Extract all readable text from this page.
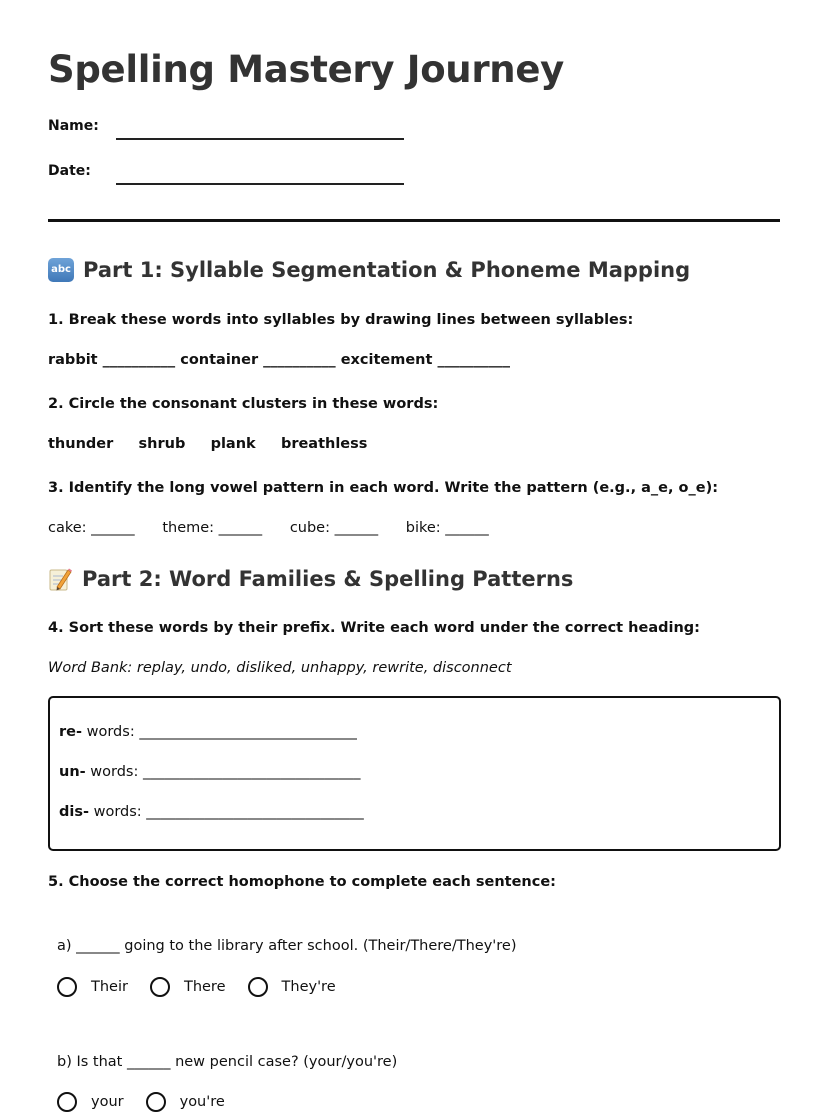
Spelling Mastery Journey
Name:
Date:
abc Part 1: Syllable Segmentation & Phoneme Mapping
1. Break these words into syllables by drawing lines between syllables:
rabbit __________ container __________ excitement __________
2. Circle the consonant clusters in these words:
thunder shrub plank breathless
3. Identify the long vowel pattern in each word. Write the pattern (e.g., a_e, o_e):
cake: ______ theme: ______ cube: ______ bike: ______
Part 2: Word Families & Spelling Patterns
4. Sort these words by their prefix. Write each word under the correct heading:
Word Bank: replay, undo, disliked, unhappy, rewrite, disconnect
re- words: ______________________________
un- words: ______________________________
dis- words: ______________________________
5. Choose the correct homophone to complete each sentence:
a) ______ going to the library after school. (Their/There/They're)
Their	There	They're
b) Is that ______ new pencil case? (your/you're)
your	you're
